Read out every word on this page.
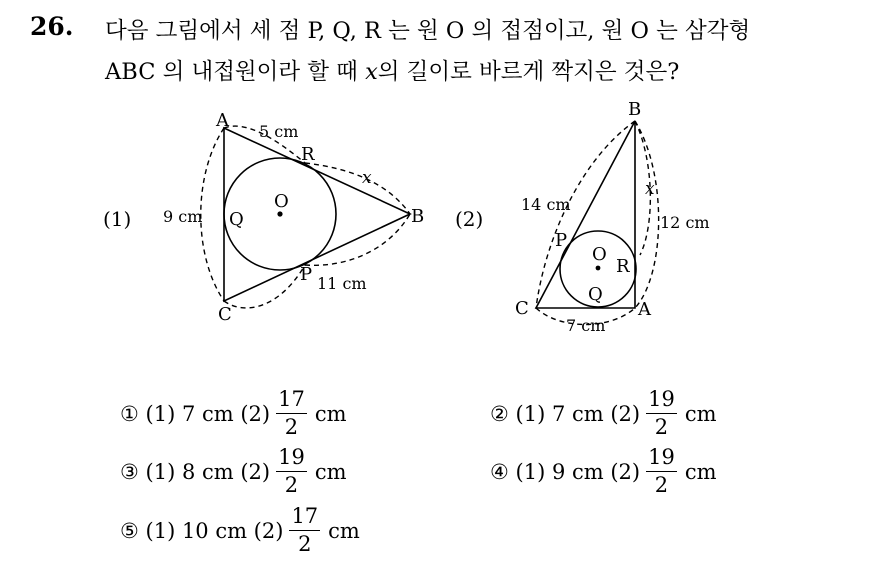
26. 다음 그림에서 세 점 P, Q, R 는 원 O 의 접점이고, 원 O 는 삼각형
ABC 의 내접원이라 할 때 x의 길이로 바르게 짝지은 것은?
(1)
A
B
C
R
Q
P
O
5 cm
9 cm
11 cm
x
(2)
B
C	A
P
R
Q
O
14 cm
12 cm
7 cm
x
①
(1) 7 cm $(2) \frac{17}{2}$ cm	②
(1) 7 cm $(2) \frac{19}{2}$ cm
③
(1) 8 cm $(2) \frac{19}{2}$ cm	④
(1) 9 cm $(2) \frac{19}{2}$ cm
⑤
(1) 10 cm $(2) \frac{17}{2}$ cm
